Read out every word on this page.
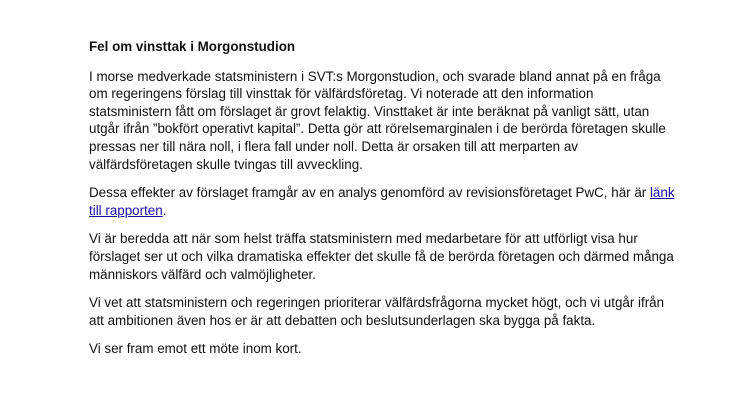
Fel om vinsttak i Morgonstudion

I morse medverkade statsministern i SVT:s Morgonstudion, och svarade bland annat på en fråga om regeringens förslag till vinsttak för välfärdsföretag. Vi noterade att den information statsministern fått om förslaget är grovt felaktig. Vinsttaket är inte beräknat på vanligt sätt, utan utgår ifrån ”bokfört operativt kapital”. Detta gör att rörelsemarginalen i de berörda företagen skulle pressas ner till nära noll, i flera fall under noll. Detta är orsaken till att merparten av välfärdsföretagen skulle tvingas till avveckling.

Dessa effekter av förslaget framgår av en analys genomförd av revisionsföretaget PwC, här är länk till rapporten.

Vi är beredda att när som helst träffa statsministern med medarbetare för att utförligt visa hur förslaget ser ut och vilka dramatiska effekter det skulle få de berörda företagen och därmed många människors välfärd och valmöjligheter.

Vi vet att statsministern och regeringen prioriterar välfärdsfrågorna mycket högt, och vi utgår ifrån att ambitionen även hos er är att debatten och beslutsunderlagen ska bygga på fakta.

Vi ser fram emot ett möte inom kort.
